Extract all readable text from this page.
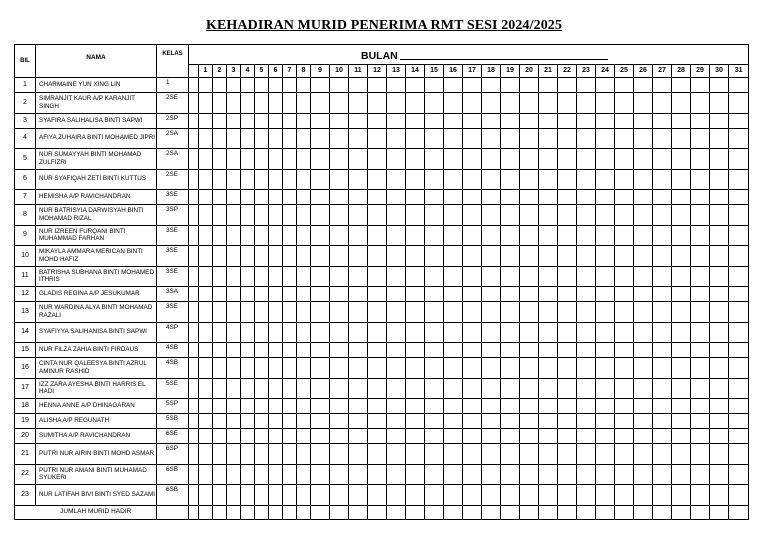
KEHADIRAN MURID PENERIMA RMT SESI 2024/2025
BIL	NAMA	KELAS	BULAN																															
				1	2	3	4	5	6	7	8	9	10	11	12	13	14	15	16	17	18	19	20	21	22	23	24	25	26	27	28	29	30	31
1	CHARMAINE YUN XING LIN	1																																
2	SIMRANJIT KAUR A/P KARANJIT SINGH	2SE																																
3	SYAFIRA SALIHALISA BINTI SAPWI	2SP																																
4	AFIYA ZUHAIRA BINTI MOHAMED JIPRI	2SA																																
5	NUR SUMAYYAH BINTI MOHAMAD ZULFIZRI	2SA																																
6	NUR SYAFIQAH ZETI BINTI KUTTUS	2SE																																
7	HEMISHA A/P RAVICHANDRAN	3SE																																
8	NUR BATRISYIA DARWISYAH BINTI MOHAMAD RIZAL	3SP																																
9	NUR IZREEN FURQANI BINTI MUHAMMAD FARHAN	3SE																																
10	MIKAYLA AMMARA MERICAN BINTI MOHD HAFIZ	3SE																																
11	BATRISHA SUBHANA BINTI MOHAMED ITHRIS	3SE																																
12	GLADIS REGINA A/P JESUKUMAR	3SA																																
13	NUR WARDINA ALYA BINTI MOHAMAD RAZALI	3SE																																
14	SYAFIYYA SALIHANISA BINTI SAPWI	4SP																																
15	NUR FILZA ZAHIA BINTI FIRDAUS	4SB																																
16	CINTA NUR QALEESYA BINTI AZRUL AMINUR RASHID	4SB																																
17	IZZ ZARA AYESHA BINTI HARRIS EL HADI	5SE																																
18	HENNA ANNE A/P DHINAGARAN	5SP																																
19	ALISHA A/P REGUNATH	5SB																																
20	SUMITHA A/P RAVICHANDRAN	6SE																																
21	PUTRI NUR AIRIN BINTI MOHD ASMAR	6SP																																
22	PUTRI NUR AMANI BINTI MUHAMAD SYUKERI	6SB																																
23	NUR LATIFAH BIVI BINTI SYED SAZAMI	6SB																																
	JUMLAH MURID HADIR																																	
